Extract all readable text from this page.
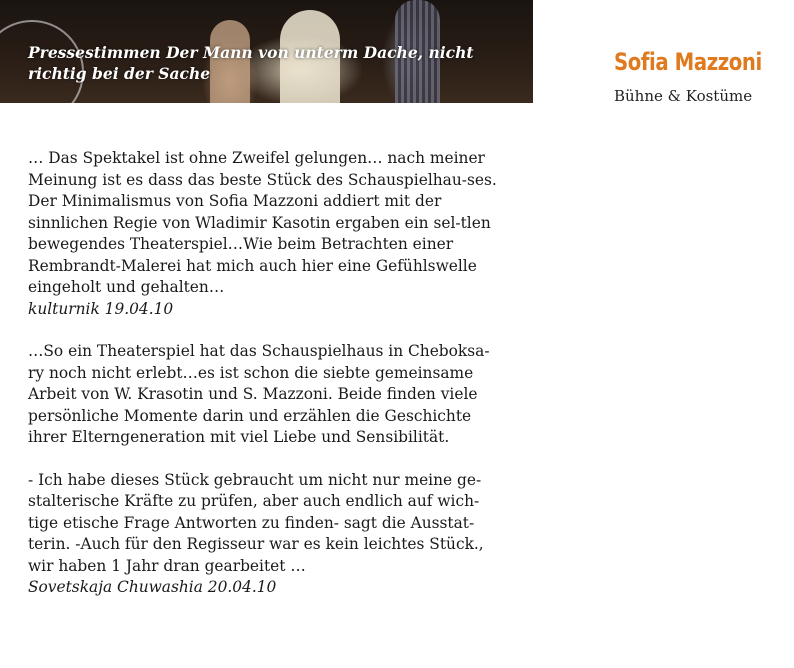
Pressestimmen Der Mann von unterm Dache, nicht richtig bei der Sache	Sofia Mazzoni
Bühne & Kostüme

… Das Spektakel ist ohne Zweifel gelungen… nach meiner Meinung ist es dass das beste Stück des Schauspielhau-ses. Der Minimalismus von Sofia Mazzoni addiert mit der sinnlichen Regie von Wladimir Kasotin ergaben ein sel-tlen bewegendes Theaterspiel…Wie beim Betrachten einer Rembrandt-Malerei hat mich auch hier eine Gefühlswelle eingeholt und gehalten…
kulturnik 19.04.10

…So ein Theaterspiel hat das Schauspielhaus in Cheboksa-ry noch nicht erlebt…es ist schon die siebte gemeinsame Arbeit von W. Krasotin und S. Mazzoni. Beide finden viele persönliche Momente darin und erzählen die Geschichte ihrer Elterngeneration mit viel Liebe und Sensibilität.

- Ich habe dieses Stück gebraucht um nicht nur meine ge-stalterische Kräfte zu prüfen, aber auch endlich auf wich-tige etische Frage Antworten zu finden- sagt die Ausstat-terin. -Auch für den Regisseur war es kein leichtes Stück., wir haben 1 Jahr dran gearbeitet …
Sovetskaja Chuwashia 20.04.10
